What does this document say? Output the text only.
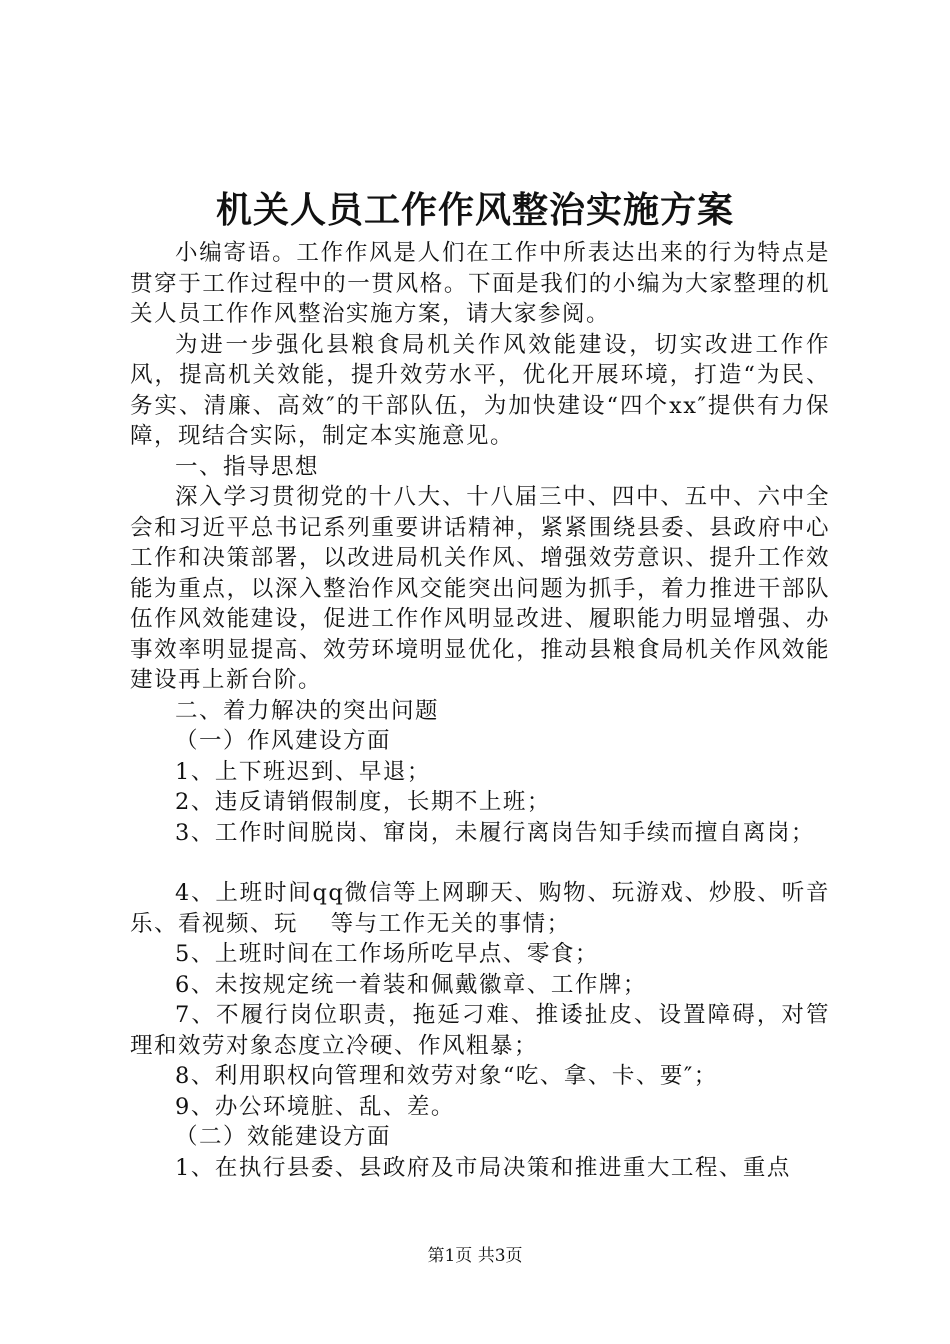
机关人员工作作风整治实施方案

小编寄语。工作作风是人们在工作中所表达出来的行为特点是贯穿于工作过程中的一贯风格。下面是我们的小编为大家整理的机关人员工作作风整治实施方案，请大家参阅。

为进一步强化县粮食局机关作风效能建设，切实改进工作作风，提高机关效能，提升效劳水平，优化开展环境，打造“为民、务实、清廉、高效″的干部队伍，为加快建设“四个xx″提供有力保障，现结合实际，制定本实施意见。

一、指导思想

深入学习贯彻党的十八大、十八届三中、四中、五中、六中全会和习近平总书记系列重要讲话精神，紧紧围绕县委、县政府中心工作和决策部署，以改进局机关作风、增强效劳意识、提升工作效能为重点，以深入整治作风交能突出问题为抓手，着力推进干部队伍作风效能建设，促进工作作风明显改进、履职能力明显增强、办事效率明显提高、效劳环境明显优化，推动县粮食局机关作风效能建设再上新台阶。

二、着力解决的突出问题

（一）作风建设方面

1、上下班迟到、早退；

2、违反请销假制度，长期不上班；

3、工作时间脱岗、窜岗，未履行离岗告知手续而擅自离岗；

4、上班时间qq微信等上网聊天、购物、玩游戏、炒股、听音乐、看视频、玩　 等与工作无关的事情；

5、上班时间在工作场所吃早点、零食；

6、未按规定统一着装和佩戴徽章、工作牌；

7、不履行岗位职责，拖延刁难、推诿扯皮、设置障碍，对管理和效劳对象态度立冷硬、作风粗暴；

8、利用职权向管理和效劳对象“吃、拿、卡、要″；

9、办公环境脏、乱、差。

（二）效能建设方面

1、在执行县委、县政府及市局决策和推进重大工程、重点

第1页 共3页
